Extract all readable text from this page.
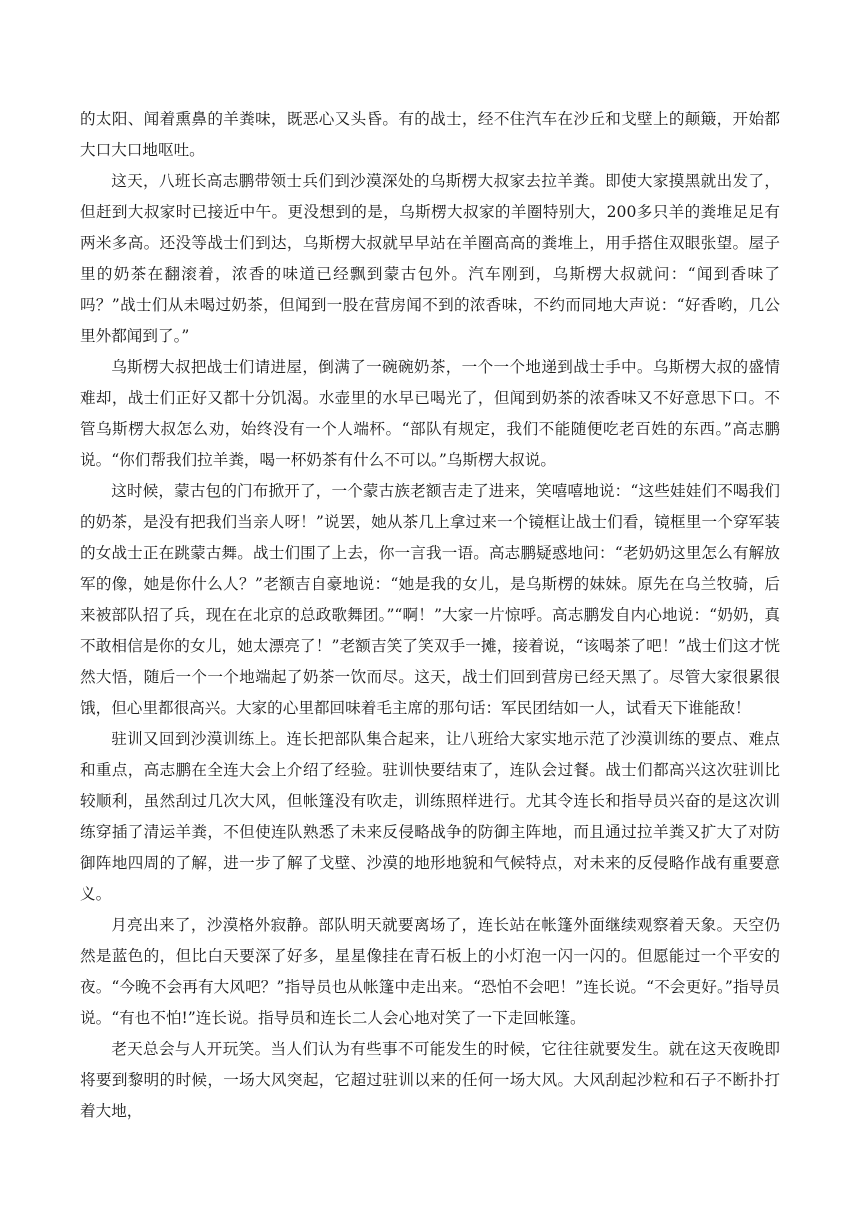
的太阳、闻着熏鼻的羊粪味，既恶心又头昏。有的战士，经不住汽车在沙丘和戈壁上的颠簸，开始都大口大口地呕吐。

这天，八班长高志鹏带领士兵们到沙漠深处的乌斯楞大叔家去拉羊粪。即使大家摸黑就出发了，但赶到大叔家时已接近中午。更没想到的是，乌斯楞大叔家的羊圈特别大，200多只羊的粪堆足足有两米多高。还没等战士们到达，乌斯楞大叔就早早站在羊圈高高的粪堆上，用手搭住双眼张望。屋子里的奶茶在翻滚着，浓香的味道已经飘到蒙古包外。汽车刚到，乌斯楞大叔就问：“闻到香味了吗？”战士们从未喝过奶茶，但闻到一股在营房闻不到的浓香味，不约而同地大声说：“好香哟，几公里外都闻到了。”

乌斯楞大叔把战士们请进屋，倒满了一碗碗奶茶，一个一个地递到战士手中。乌斯楞大叔的盛情难却，战士们正好又都十分饥渴。水壶里的水早已喝光了，但闻到奶茶的浓香味又不好意思下口。不管乌斯楞大叔怎么劝，始终没有一个人端杯。“部队有规定，我们不能随便吃老百姓的东西。”高志鹏说。“你们帮我们拉羊粪，喝一杯奶茶有什么不可以。”乌斯楞大叔说。

这时候，蒙古包的门布掀开了，一个蒙古族老额吉走了进来，笑嘻嘻地说：“这些娃娃们不喝我们的奶茶，是没有把我们当亲人呀！”说罢，她从茶几上拿过来一个镜框让战士们看，镜框里一个穿军装的女战士正在跳蒙古舞。战士们围了上去，你一言我一语。高志鹏疑惑地问：“老奶奶这里怎么有解放军的像，她是你什么人？”老额吉自豪地说：“她是我的女儿，是乌斯楞的妹妹。原先在乌兰牧骑，后来被部队招了兵，现在在北京的总政歌舞团。”“啊！”大家一片惊呼。高志鹏发自内心地说：“奶奶，真不敢相信是你的女儿，她太漂亮了！”老额吉笑了笑双手一摊，接着说，“该喝茶了吧！”战士们这才恍然大悟，随后一个一个地端起了奶茶一饮而尽。这天，战士们回到营房已经天黑了。尽管大家很累很饿，但心里都很高兴。大家的心里都回味着毛主席的那句话：军民团结如一人，试看天下谁能敌！

驻训又回到沙漠训练上。连长把部队集合起来，让八班给大家实地示范了沙漠训练的要点、难点和重点，高志鹏在全连大会上介绍了经验。驻训快要结束了，连队会过餐。战士们都高兴这次驻训比较顺利，虽然刮过几次大风，但帐篷没有吹走，训练照样进行。尤其令连长和指导员兴奋的是这次训练穿插了清运羊粪，不但使连队熟悉了未来反侵略战争的防御主阵地，而且通过拉羊粪又扩大了对防御阵地四周的了解，进一步了解了戈壁、沙漠的地形地貌和气候特点，对未来的反侵略作战有重要意义。

月亮出来了，沙漠格外寂静。部队明天就要离场了，连长站在帐篷外面继续观察着天象。天空仍然是蓝色的，但比白天要深了好多，星星像挂在青石板上的小灯泡一闪一闪的。但愿能过一个平安的夜。“今晚不会再有大风吧？”指导员也从帐篷中走出来。“恐怕不会吧！”连长说。“不会更好。”指导员说。“有也不怕!”连长说。指导员和连长二人会心地对笑了一下走回帐篷。

老天总会与人开玩笑。当人们认为有些事不可能发生的时候，它往往就要发生。就在这天夜晚即将要到黎明的时候，一场大风突起，它超过驻训以来的任何一场大风。大风刮起沙粒和石子不断扑打着大地，
